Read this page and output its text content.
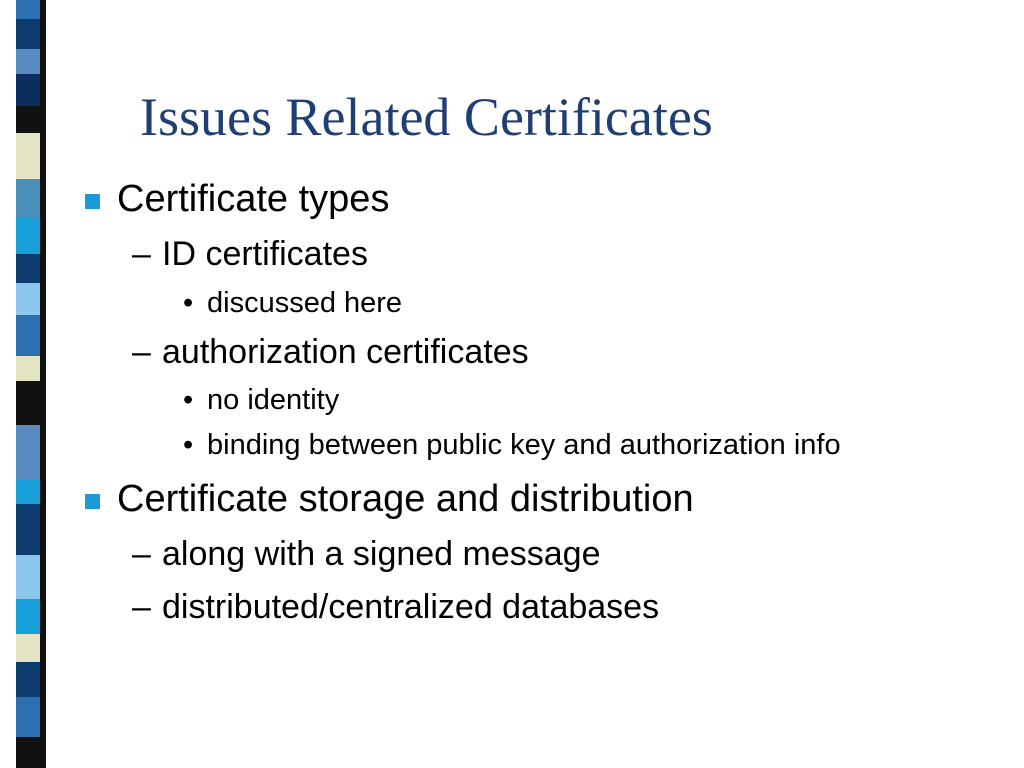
Issues Related Certificates
Certificate types
– ID certificates
• discussed here
– authorization certificates
• no identity
• binding between public key and authorization info
Certificate storage and distribution
– along with a signed message
– distributed/centralized databases
